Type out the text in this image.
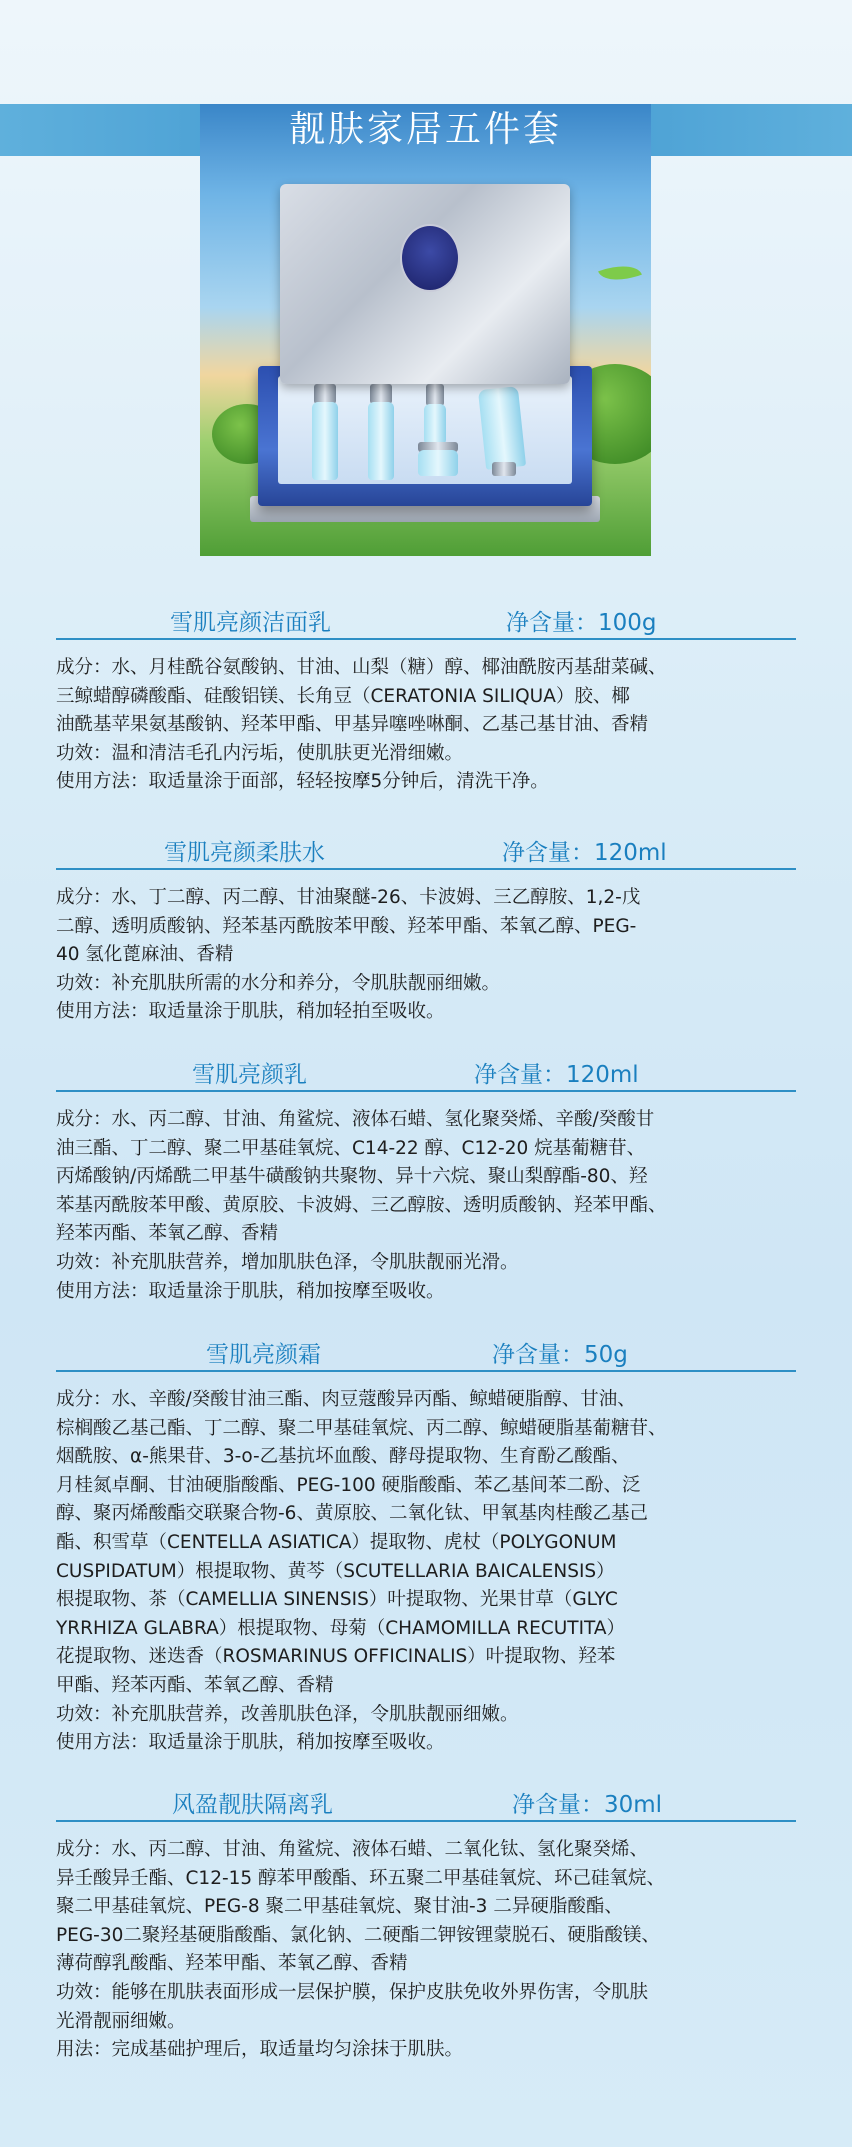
靓肤家居五件套
雪肌亮颜洁面乳	净含量：100g

成分：水、月桂酰谷氨酸钠、甘油、山梨（糖）醇、椰油酰胺丙基甜菜碱、

三鲸蜡醇磷酸酯、硅酸铝镁、长角豆（CERATONIA SILIQUA）胶、椰

油酰基苹果氨基酸钠、羟苯甲酯、甲基异噻唑啉酮、乙基己基甘油、香精

功效：温和清洁毛孔内污垢，使肌肤更光滑细嫩。

使用方法：取适量涂于面部，轻轻按摩5分钟后，清洗干净。

雪肌亮颜柔肤水	净含量：120ml

成分：水、丁二醇、丙二醇、甘油聚醚-26、卡波姆、三乙醇胺、1,2-戊

二醇、透明质酸钠、羟苯基丙酰胺苯甲酸、羟苯甲酯、苯氧乙醇、PEG-

40 氢化蓖麻油、香精

功效：补充肌肤所需的水分和养分，令肌肤靓丽细嫩。

使用方法：取适量涂于肌肤，稍加轻拍至吸收。

雪肌亮颜乳	净含量：120ml

成分：水、丙二醇、甘油、角鲨烷、液体石蜡、氢化聚癸烯、辛酸/癸酸甘

油三酯、丁二醇、聚二甲基硅氧烷、C14-22 醇、C12-20 烷基葡糖苷、

丙烯酸钠/丙烯酰二甲基牛磺酸钠共聚物、异十六烷、聚山梨醇酯-80、羟

苯基丙酰胺苯甲酸、黄原胶、卡波姆、三乙醇胺、透明质酸钠、羟苯甲酯、

羟苯丙酯、苯氧乙醇、香精

功效：补充肌肤营养，增加肌肤色泽，令肌肤靓丽光滑。

使用方法：取适量涂于肌肤，稍加按摩至吸收。

雪肌亮颜霜	净含量：50g

成分：水、辛酸/癸酸甘油三酯、肉豆蔻酸异丙酯、鲸蜡硬脂醇、甘油、

棕榈酸乙基己酯、丁二醇、聚二甲基硅氧烷、丙二醇、鲸蜡硬脂基葡糖苷、

烟酰胺、α-熊果苷、3-o-乙基抗坏血酸、酵母提取物、生育酚乙酸酯、

月桂氮卓酮、甘油硬脂酸酯、PEG-100 硬脂酸酯、苯乙基间苯二酚、泛

醇、聚丙烯酸酯交联聚合物-6、黄原胶、二氧化钛、甲氧基肉桂酸乙基己

酯、积雪草（CENTELLA ASIATICA）提取物、虎杖（POLYGONUM

CUSPIDATUM）根提取物、黄芩（SCUTELLARIA BAICALENSIS）

根提取物、茶（CAMELLIA SINENSIS）叶提取物、光果甘草（GLYC

YRRHIZA GLABRA）根提取物、母菊（CHAMOMILLA RECUTITA）

花提取物、迷迭香（ROSMARINUS OFFICINALIS）叶提取物、羟苯

甲酯、羟苯丙酯、苯氧乙醇、香精

功效：补充肌肤营养，改善肌肤色泽，令肌肤靓丽细嫩。

使用方法：取适量涂于肌肤，稍加按摩至吸收。

风盈靓肤隔离乳	净含量：30ml

成分：水、丙二醇、甘油、角鲨烷、液体石蜡、二氧化钛、氢化聚癸烯、

异壬酸异壬酯、C12-15 醇苯甲酸酯、环五聚二甲基硅氧烷、环己硅氧烷、

聚二甲基硅氧烷、PEG-8 聚二甲基硅氧烷、聚甘油-3 二异硬脂酸酯、

PEG-30二聚羟基硬脂酸酯、氯化钠、二硬酯二钾铵锂蒙脱石、硬脂酸镁、

薄荷醇乳酸酯、羟苯甲酯、苯氧乙醇、香精

功效：能够在肌肤表面形成一层保护膜，保护皮肤免收外界伤害，令肌肤

光滑靓丽细嫩。

用法：完成基础护理后，取适量均匀涂抹于肌肤。
